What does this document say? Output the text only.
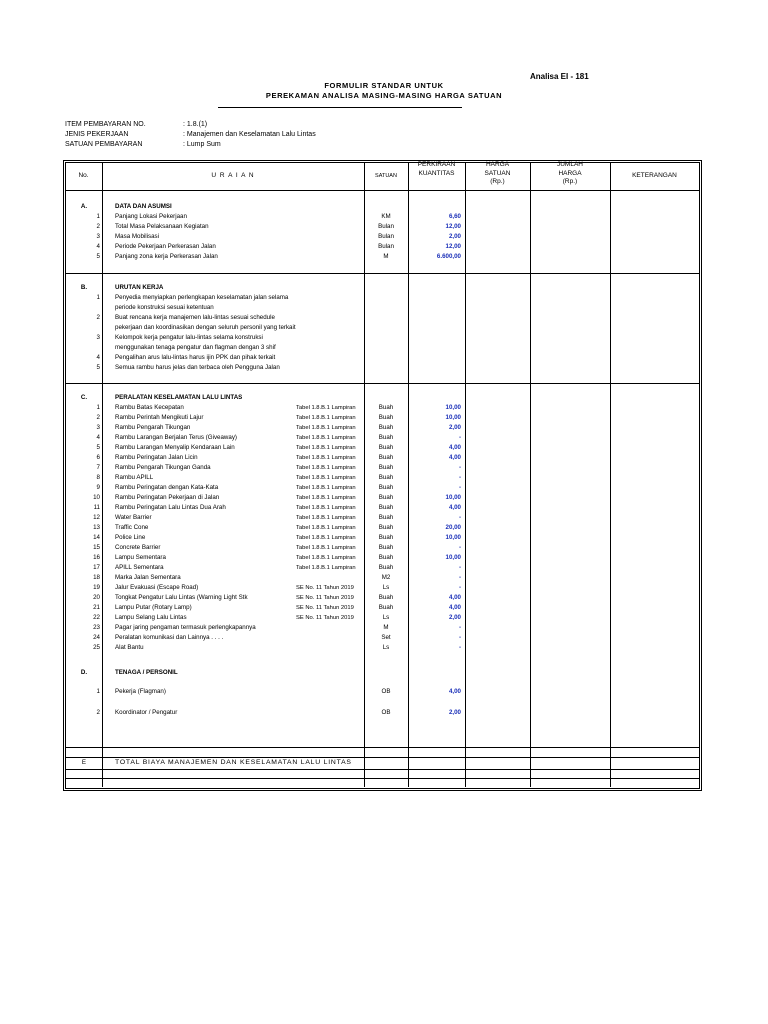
Analisa EI - 181
FORMULIR STANDAR UNTUK
PEREKAMAN ANALISA MASING-MASING HARGA SATUAN
ITEM PEMBAYARAN NO.	: 1.8.(1)
JENIS PEKERJAAN	: Manajemen dan Keselamatan Lalu Lintas
SATUAN PEMBAYARAN	: Lump Sum
No.	U R A I A N	SATUAN
PERKIRAAN
KUANTITAS
HARGA
SATUAN
(Rp.)
JUMLAH
HARGA
(Rp.)
KETERANGAN
A.	DATA DAN ASUMSI
1 Panjang Lokasi Pekerjaan	KM	6,60
2 Total Masa Pelaksanaan Kegiatan	Bulan	12,00
3 Masa Mobilisasi	Bulan	2,00
4 Periode Pekerjaan Perkerasan Jalan	Bulan	12,00
5 Panjang zona kerja Perkerasan Jalan	M	6.600,00
B.	URUTAN KERJA
1 Penyedia menyiapkan perlengkapan keselamatan jalan selama
periode konstruksi sesuai ketentuan
2 Buat rencana kerja manajemen lalu-lintas sesuai schedule
pekerjaan dan koordinasikan dengan seluruh personil yang terkait
3 Kelompok kerja pengatur lalu-lintas selama konstruksi
menggunakan tenaga pengatur dan flagman dengan 3 shif
4 Pengalihan arus lalu-lintas harus ijin PPK dan pihak terkait
5 Semua rambu harus jelas dan terbaca oleh Pengguna Jalan
C.	PERALATAN KESELAMATAN LALU LINTAS
1 Rambu Batas Kecepatan	Tabel 1.8.B.1 Lampiran	Buah	10,00
2 Rambu Perintah Mengikuti Lajur	Tabel 1.8.B.1 Lampiran	Buah	10,00
3 Rambu Pengarah Tikungan	Tabel 1.8.B.1 Lampiran	Buah	2,00
4 Rambu Larangan Berjalan Terus (Giveaway)	Tabel 1.8.B.1 Lampiran	Buah	-
5 Rambu Larangan Menyalip Kendaraan Lain	Tabel 1.8.B.1 Lampiran	Buah	4,00
6 Rambu Peringatan Jalan Licin	Tabel 1.8.B.1 Lampiran	Buah	4,00
7 Rambu Pengarah Tikungan Ganda	Tabel 1.8.B.1 Lampiran	Buah	-
8 Rambu APILL	Tabel 1.8.B.1 Lampiran	Buah	-
9 Rambu Peringatan dengan Kata-Kata	Tabel 1.8.B.1 Lampiran	Buah	-
10 Rambu Peringatan Pekerjaan di Jalan	Tabel 1.8.B.1 Lampiran	Buah	10,00
11 Rambu Peringatan Lalu Lintas Dua Arah	Tabel 1.8.B.1 Lampiran	Buah	4,00
12 Water Barrier	Tabel 1.8.B.1 Lampiran	Buah	-
13 Traffic Cone	Tabel 1.8.B.1 Lampiran	Buah	20,00
14 Police Line	Tabel 1.8.B.1 Lampiran	Buah	10,00
15 Concrete Barrier	Tabel 1.8.B.1 Lampiran	Buah	-
16 Lampu Sementara	Tabel 1.8.B.1 Lampiran	Buah	10,00
17 APILL Sementara	Tabel 1.8.B.1 Lampiran	Buah	-
18 Marka Jalan Sementara	M2	-
19 Jalur Evakuasi (Escape Road)	SE No. 11 Tahun 2019	Ls	-
20 Tongkat Pengatur Lalu Lintas (Warning Light Stk	SE No. 11 Tahun 2019	Buah	4,00
21 Lampu Putar (Rotary Lamp)	SE No. 11 Tahun 2019	Buah	4,00
22 Lampu Selang Lalu Lintas	SE No. 11 Tahun 2019	Ls	2,00
23 Pagar jaring pengaman termasuk perlengkapannya	M	-
24 Peralatan komunikasi dan Lainnya . . . .	Set	-
25 Alat Bantu	Ls	-
D.	TENAGA / PERSONIL
1 Pekerja (Flagman)	OB	4,00
2 Koordinator / Pengatur	OB	2,00
E	TOTAL BIAYA MANAJEMEN DAN KESELAMATAN LALU LINTAS
